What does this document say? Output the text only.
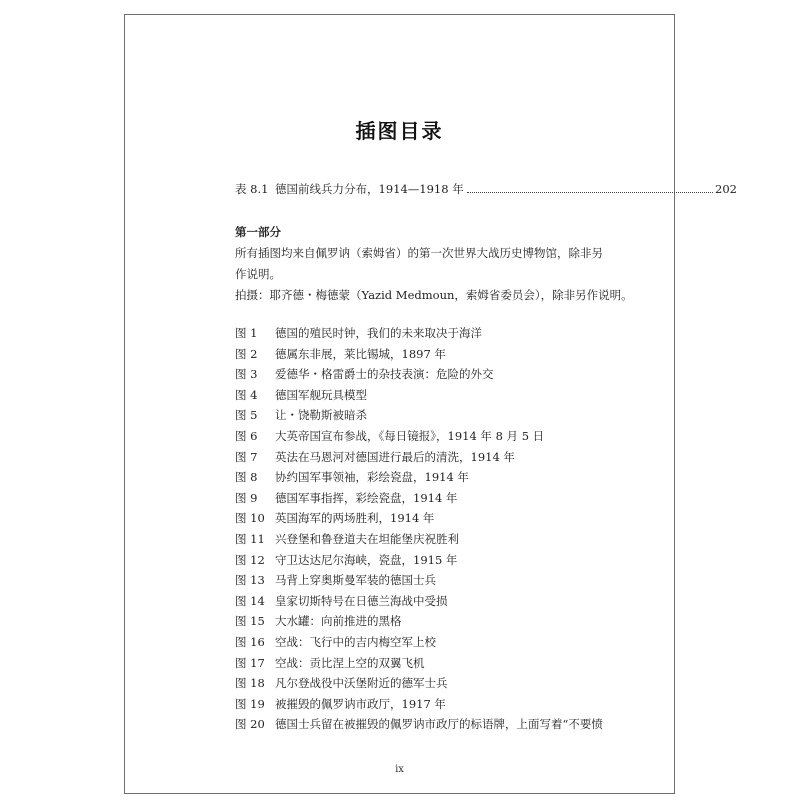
插图目录
表 8.1 德国前线兵力分布，1914—1918 年	202
第一部分
所有插图均来自佩罗讷（索姆省）的第一次世界大战历史博物馆，除非另
作说明。
拍摄：耶齐德・梅德蒙（Yazid Medmoun，索姆省委员会），除非另作说明。
图 1	德国的殖民时钟，我们的未来取决于海洋
图 2	德属东非展，莱比锡城，1897 年
图 3	爱德华・格雷爵士的杂技表演：危险的外交
图 4	德国军舰玩具模型
图 5	让・饶勒斯被暗杀
图 6	大英帝国宣布参战，《每日镜报》，1914 年 8 月 5 日
图 7	英法在马恩河对德国进行最后的清洗，1914 年
图 8	协约国军事领袖，彩绘瓷盘，1914 年
图 9	德国军事指挥，彩绘瓷盘，1914 年
图 10 英国海军的两场胜利，1914 年
图 11 兴登堡和鲁登道夫在坦能堡庆祝胜利
图 12 守卫达达尼尔海峡，瓷盘，1915 年
图 13 马背上穿奥斯曼军装的德国士兵
图 14 皇家切斯特号在日德兰海战中受损
图 15 大水罐：向前推进的黑格
图 16 空战：飞行中的吉内梅空军上校
图 17 空战：贡比涅上空的双翼飞机
图 18 凡尔登战役中沃堡附近的德军士兵
图 19 被摧毁的佩罗讷市政厅，1917 年
图 20 德国士兵留在被摧毁的佩罗讷市政厅的标语牌，上面写着“不要愤
ix
